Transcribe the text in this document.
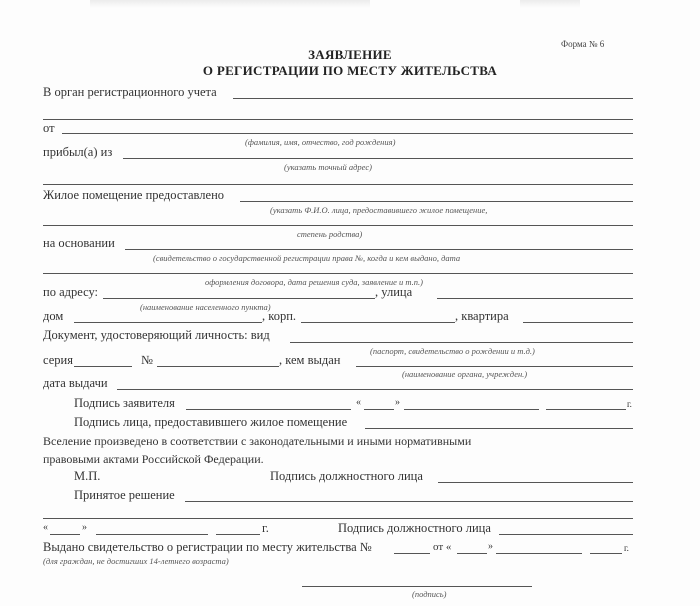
Форма № 6
ЗАЯВЛЕНИЕ
О РЕГИСТРАЦИИ ПО МЕСТУ ЖИТЕЛЬСТВА
В орган регистрационного учета
от
(фамилия, имя, отчество, год рождения)
прибыл(а) из
(указать точный адрес)
Жилое помещение предоставлено
(указать Ф.И.О. лица, предоставившего жилое помещение,
степень родства)
на основании
(свидетельство о государственной регистрации права №, когда и кем выдано, дата
оформления договора, дата решения суда, заявление и т.п.)
по адресу:	, улица
(наименование населенного пункта)
дом	, корп.	, квартира
Документ, удостоверяющий личность: вид
(паспорт, свидетельство о рождении и т.д.)
серия	№	, кем выдан
(наименование органа, учрежден.)
дата выдачи
Подпись заявителя	«	»	г.
Подпись лица, предоставившего жилое помещение
Вселение произведено в соответствии с законодательными и иными нормативными
правовыми актами Российской Федерации.
М.П.	Подпись должностного лица
Принятое решение
«	»	г.	Подпись должностного лица
Выдано свидетельство о регистрации по месту жительства №	от «	»	г.
(для граждан, не достигших 14-летнего возраста)
(подпись)
